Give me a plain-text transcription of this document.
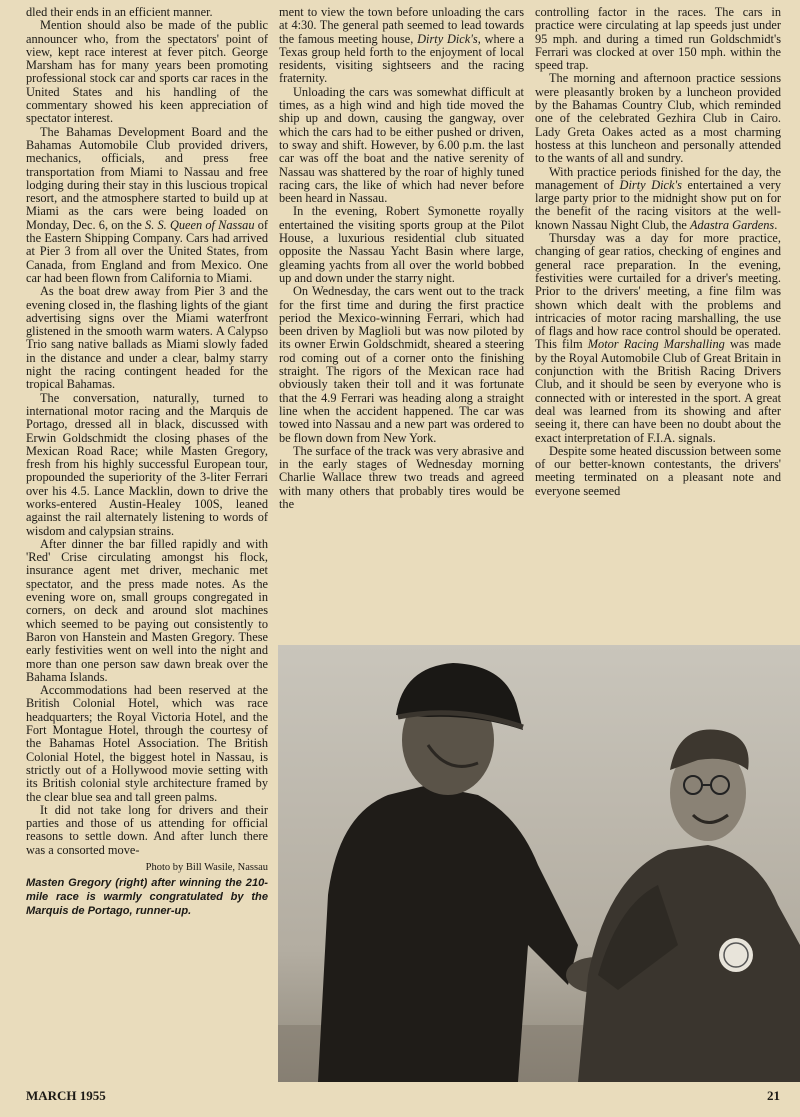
dled their ends in an efficient manner.

Mention should also be made of the public announcer who, from the spectators' point of view, kept race interest at fever pitch. George Marsham has for many years been promoting professional stock car and sports car races in the United States and his handling of the commentary showed his keen appreciation of spectator interest.

The Bahamas Development Board and the Bahamas Automobile Club provided drivers, mechanics, officials, and press free transportation from Miami to Nassau and free lodging during their stay in this luscious tropical resort, and the atmosphere started to build up at Miami as the cars were being loaded on Monday, Dec. 6, on the S. S. Queen of Nassau of the Eastern Shipping Company. Cars had arrived at Pier 3 from all over the United States, from Canada, from England and from Mexico. One car had been flown from California to Miami.

As the boat drew away from Pier 3 and the evening closed in, the flashing lights of the giant advertising signs over the Miami waterfront glistened in the smooth warm waters. A Calypso Trio sang native ballads as Miami slowly faded in the distance and under a clear, balmy starry night the racing contingent headed for the tropical Bahamas.

The conversation, naturally, turned to international motor racing and the Marquis de Portago, dressed all in black, discussed with Erwin Goldschmidt the closing phases of the Mexican Road Race; while Masten Gregory, fresh from his highly successful European tour, propounded the superiority of the 3-liter Ferrari over his 4.5. Lance Macklin, down to drive the works-entered Austin-Healey 100S, leaned against the rail alternately listening to words of wisdom and calypsian strains.

After dinner the bar filled rapidly and with 'Red' Crise circulating amongst his flock, insurance agent met driver, mechanic met spectator, and the press made notes. As the evening wore on, small groups congregated in corners, on deck and around slot machines which seemed to be paying out consistently to Baron von Hanstein and Masten Gregory. These early festivities went on well into the night and more than one person saw dawn break over the Bahama Islands.

Accommodations had been reserved at the British Colonial Hotel, which was race headquarters; the Royal Victoria Hotel, and the Fort Montague Hotel, through the courtesy of the Bahamas Hotel Association. The British Colonial Hotel, the biggest hotel in Nassau, is strictly out of a Hollywood movie setting with its British colonial style architecture framed by the clear blue sea and tall green palms.

It did not take long for drivers and their parties and those of us attending for official reasons to settle down. And after lunch there was a consorted move-

Photo by Bill Wasile, Nassau
Masten Gregory (right) after winning the 210-mile race is warmly congratulated by the Marquis de Portago, runner-up.

ment to view the town before unloading the cars at 4:30. The general path seemed to lead towards the famous meeting house, Dirty Dick's, where a Texas group held forth to the enjoyment of local residents, visiting sightseers and the racing fraternity.

Unloading the cars was somewhat difficult at times, as a high wind and high tide moved the ship up and down, causing the gangway, over which the cars had to be either pushed or driven, to sway and shift. However, by 6.00 p.m. the last car was off the boat and the native serenity of Nassau was shattered by the roar of highly tuned racing cars, the like of which had never before been heard in Nassau.

In the evening, Robert Symonette royally entertained the visiting sports group at the Pilot House, a luxurious residential club situated opposite the Nassau Yacht Basin where large, gleaming yachts from all over the world bobbed up and down under the starry night.

On Wednesday, the cars went out to the track for the first time and during the first practice period the Mexico-winning Ferrari, which had been driven by Maglioli but was now piloted by its owner Erwin Goldschmidt, sheared a steering rod coming out of a corner onto the finishing straight. The rigors of the Mexican race had obviously taken their toll and it was fortunate that the 4.9 Ferrari was heading along a straight line when the accident happened. The car was towed into Nassau and a new part was ordered to be flown down from New York.

The surface of the track was very abrasive and in the early stages of Wednesday morning Charlie Wallace threw two treads and agreed with many others that probably tires would be the

controlling factor in the races. The cars in practice were circulating at lap speeds just under 95 mph. and during a timed run Goldschmidt's Ferrari was clocked at over 150 mph. within the speed trap.

The morning and afternoon practice sessions were pleasantly broken by a luncheon provided by the Bahamas Country Club, which reminded one of the celebrated Gezhira Club in Cairo. Lady Greta Oakes acted as a most charming hostess at this luncheon and personally attended to the wants of all and sundry.

With practice periods finished for the day, the management of Dirty Dick's entertained a very large party prior to the midnight show put on for the benefit of the racing visitors at the well-known Nassau Night Club, the Adastra Gardens.

Thursday was a day for more practice, changing of gear ratios, checking of engines and general race preparation. In the evening, festivities were curtailed for a driver's meeting. Prior to the drivers' meeting, a fine film was shown which dealt with the problems and intricacies of motor racing marshalling, the use of flags and how race control should be operated. This film Motor Racing Marshalling was made by the Royal Automobile Club of Great Britain in conjunction with the British Racing Drivers Club, and it should be seen by everyone who is connected with or interested in the sport. A great deal was learned from its showing and after seeing it, there can have been no doubt about the exact interpretation of F.I.A. signals.

Despite some heated discussion between some of our better-known contestants, the drivers' meeting terminated on a pleasant note and everyone seemed

MARCH 1955	21
